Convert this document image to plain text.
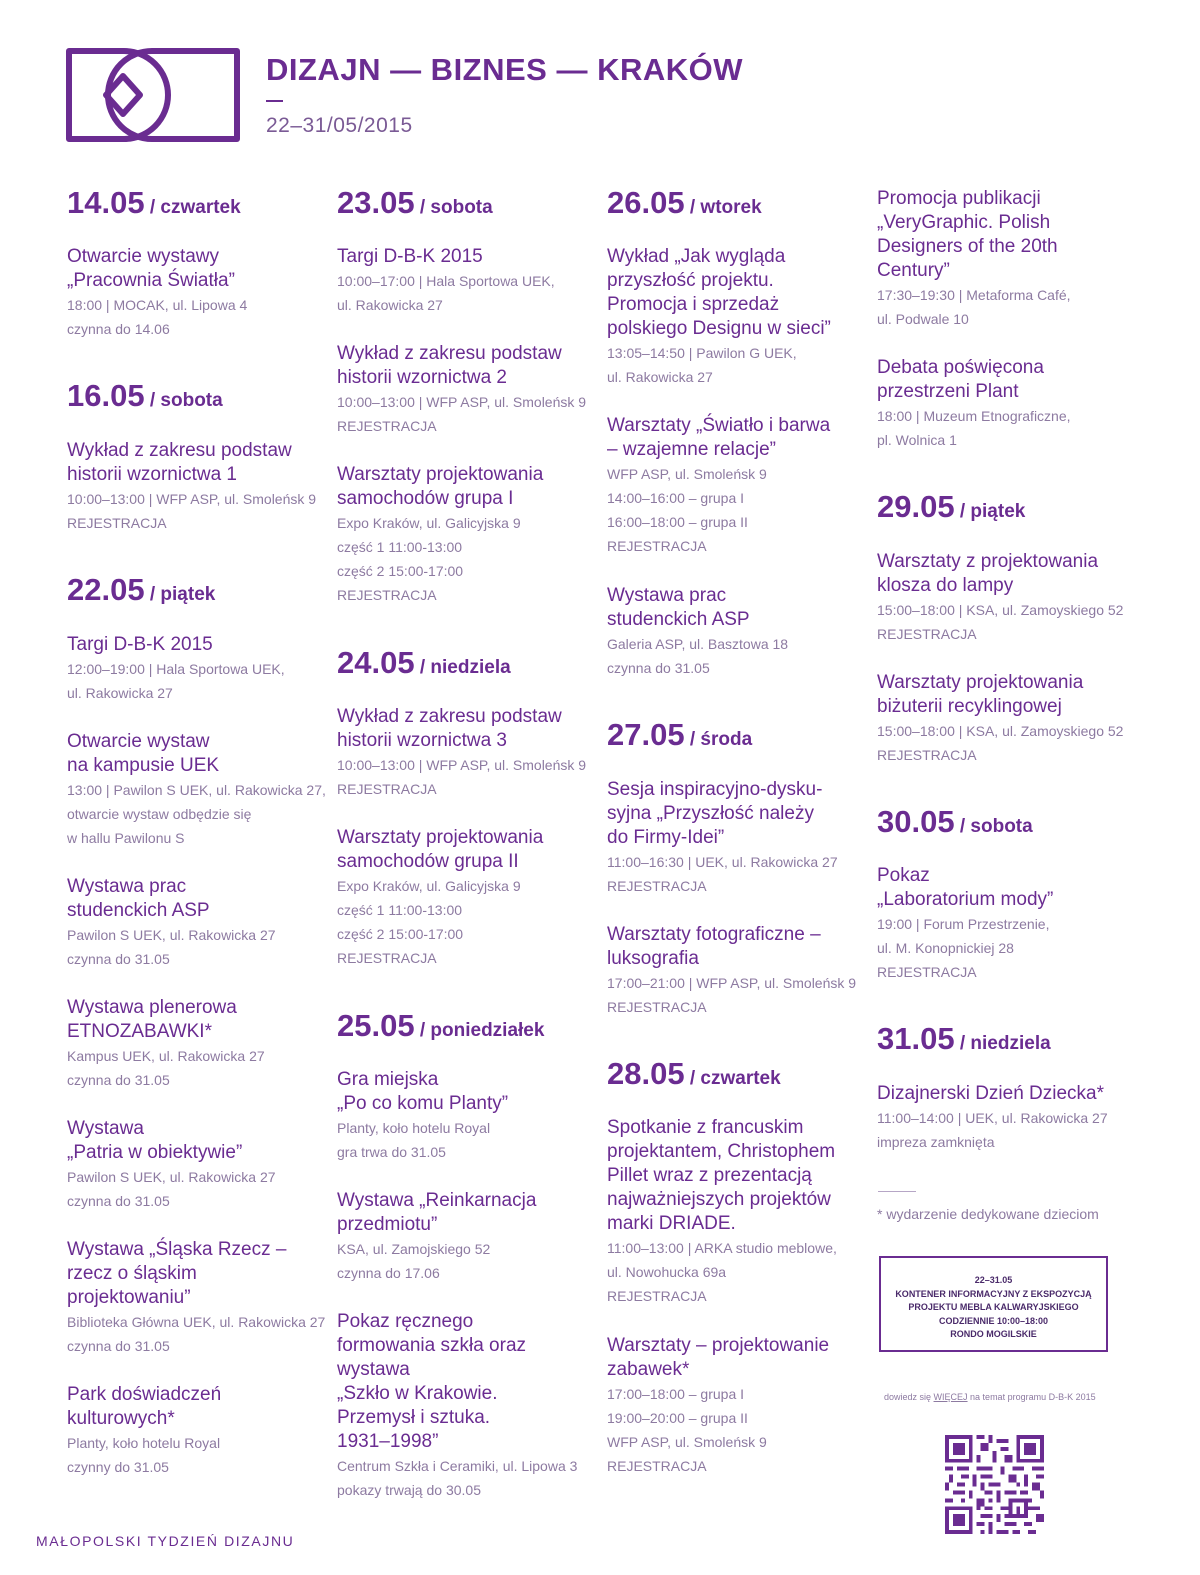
DIZAJN — BIZNES — KRAKÓW
22–31/05/2015
14.05 / czwartek
Otwarcie wystawy
„Pracownia Światła”
18:00 | MOCAK, ul. Lipowa 4
czynna do 14.06
16.05 / sobota
Wykład z zakresu podstaw
historii wzornictwa 1
10:00–13:00 | WFP ASP, ul. Smoleńsk 9
REJESTRACJA
22.05 / piątek
Targi D-B-K 2015
12:00–19:00 | Hala Sportowa UEK,
ul. Rakowicka 27
Otwarcie wystaw
na kampusie UEK
13:00 | Pawilon S UEK, ul. Rakowicka 27,
otwarcie wystaw odbędzie się
w hallu Pawilonu S
Wystawa prac
studenckich ASP
Pawilon S UEK, ul. Rakowicka 27
czynna do 31.05
Wystawa plenerowa
ETNOZABAWKI*
Kampus UEK, ul. Rakowicka 27
czynna do 31.05
Wystawa
„Patria w obiektywie”
Pawilon S UEK, ul. Rakowicka 27
czynna do 31.05
Wystawa „Śląska Rzecz –
rzecz o śląskim
projektowaniu”
Biblioteka Główna UEK, ul. Rakowicka 27
czynna do 31.05
Park doświadczeń
kulturowych*
Planty, koło hotelu Royal
czynny do 31.05
23.05 / sobota
Targi D-B-K 2015
10:00–17:00 | Hala Sportowa UEK,
ul. Rakowicka 27
Wykład z zakresu podstaw
historii wzornictwa 2
10:00–13:00 | WFP ASP, ul. Smoleńsk 9
REJESTRACJA
Warsztaty projektowania
samochodów grupa I
Expo Kraków, ul. Galicyjska 9
część 1 11:00-13:00
część 2 15:00-17:00
REJESTRACJA
24.05 / niedziela
Wykład z zakresu podstaw
historii wzornictwa 3
10:00–13:00 | WFP ASP, ul. Smoleńsk 9
REJESTRACJA
Warsztaty projektowania
samochodów grupa II
Expo Kraków, ul. Galicyjska 9
część 1 11:00-13:00
część 2 15:00-17:00
REJESTRACJA
25.05 / poniedziałek
Gra miejska
„Po co komu Planty”
Planty, koło hotelu Royal
gra trwa do 31.05
Wystawa „Reinkarnacja
przedmiotu”
KSA, ul. Zamojskiego 52
czynna do 17.06
Pokaz ręcznego
formowania szkła oraz
wystawa
„Szkło w Krakowie.
Przemysł i sztuka.
1931–1998”
Centrum Szkła i Ceramiki, ul. Lipowa 3
pokazy trwają do 30.05
26.05 / wtorek
Wykład „Jak wygląda
przyszłość projektu.
Promocja i sprzedaż
polskiego Designu w sieci”
13:05–14:50 | Pawilon G UEK,
ul. Rakowicka 27
Warsztaty „Światło i barwa
– wzajemne relacje”
WFP ASP, ul. Smoleńsk 9
14:00–16:00 – grupa I
16:00–18:00 – grupa II
REJESTRACJA
Wystawa prac
studenckich ASP
Galeria ASP, ul. Basztowa 18
czynna do 31.05
27.05 / środa
Sesja inspiracyjno-dysku-
syjna „Przyszłość należy
do Firmy-Idei”
11:00–16:30 | UEK, ul. Rakowicka 27
REJESTRACJA
Warsztaty fotograficzne –
luksografia
17:00–21:00 | WFP ASP, ul. Smoleńsk 9
REJESTRACJA
28.05 / czwartek
Spotkanie z francuskim
projektantem, Christophem
Pillet wraz z prezentacją
najważniejszych projektów
marki DRIADE.
11:00–13:00 | ARKA studio meblowe,
ul. Nowohucka 69a
REJESTRACJA
Warsztaty – projektowanie
zabawek*
17:00–18:00 – grupa I
19:00–20:00 – grupa II
WFP ASP, ul. Smoleńsk 9
REJESTRACJA
Promocja publikacji
„VeryGraphic. Polish
Designers of the 20th
Century”
17:30–19:30 | Metaforma Café,
ul. Podwale 10
Debata poświęcona
przestrzeni Plant
18:00 | Muzeum Etnograficzne,
pl. Wolnica 1
29.05 / piątek
Warsztaty z projektowania
klosza do lampy
15:00–18:00 | KSA, ul. Zamoyskiego 52
REJESTRACJA
Warsztaty projektowania
biżuterii recyklingowej
15:00–18:00 | KSA, ul. Zamoyskiego 52
REJESTRACJA
30.05 / sobota
Pokaz
„Laboratorium mody”
19:00 | Forum Przestrzenie,
ul. M. Konopnickiej 28
REJESTRACJA
31.05 / niedziela
Dizajnerski Dzień Dziecka*
11:00–14:00 | UEK, ul. Rakowicka 27
impreza zamknięta
* wydarzenie dedykowane dzieciom
22–31.05
KONTENER INFORMACYJNY Z EKSPOZYCJĄ
PROJEKTU MEBLA KALWARYJSKIEGO
CODZIENNIE 10:00–18:00
RONDO MOGILSKIE
dowiedz się WIĘCEJ na temat programu D-B-K 2015
MAŁOPOLSKI TYDZIEŃ DIZAJNU
